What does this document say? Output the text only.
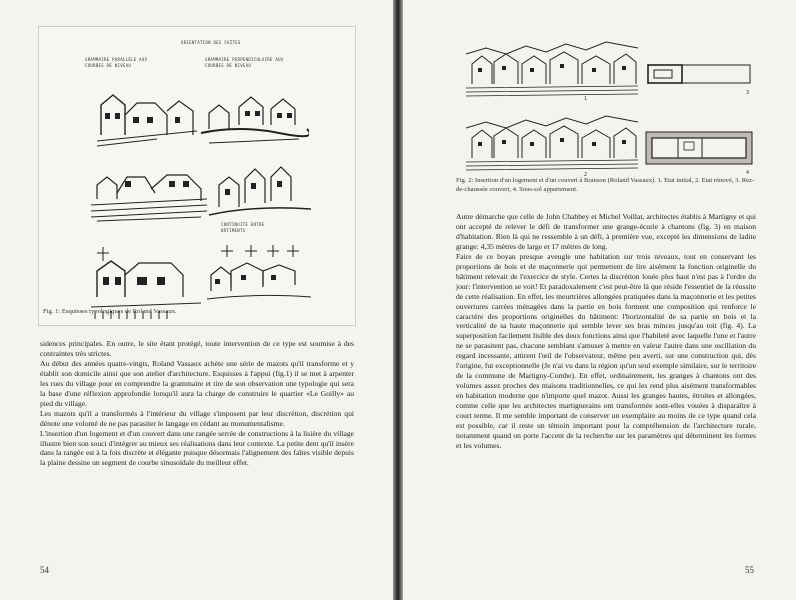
ORIENTATION DES FAÎTES
GRAMMAIRE PARALLÈLE AUX COURBES DE NIVEAU
GRAMMAIRE PERPENDICULAIRE AUX COURBES DE NIVEAU
CONTINUITÉ ENTRE BÂTIMENTS
Fig. 1: Esquisses typologiques de Roland Vassaux.

sidences principales. En outre, le site étant protégé, toute intervention de ce type est soumise à des contraintes très strictes.

Au début des années quatre-vingts, Roland Vassaux achète une série de mazots qu'il transforme et y établit son domicile ainsi que son atelier d'architecture. Esquisses à l'appui (fig.1) il se met à arpenter les rues du village pour en comprendre la grammaire et tire de son observation une typologie qui sera la base d'une réflexion approfondie lorsqu'il aura la charge de construire le quartier «Le Goilly» au pied du village.

Les mazots qu'il a transformés à l'intérieur du village s'imposent par leur discrétion, discrétion qui dénote une volonté de ne pas parasiter le langage en cédant au monumentalisme.

L'insertion d'un logement et d'un couvert dans une rangée serrée de constructions à la lisière du village illustre bien son souci d'intégrer au mieux ses réalisations dans leur contexte. La petite dent qu'il insère dans la rangée est à la fois discrète et élégante puisque désormais l'alignement des faîtes visible depuis la plaine dessine un segment de courbe sinusoïdale du meilleur effet.

54
1
2
3
4
Fig. 2: Insertion d'un logement et d'un couvert à Branson (Roland Vassaux). 1. Etat initial, 2. Etat rénové, 3. Rez-de-chaussée couvert, 4. Sous-sol appartement.

Autre démarche que celle de John Chabbey et Michel Voillat, architectes établis à Martigny et qui ont accepté de relever le défi de transformer une grange-écurie à chantons (fig. 3) en maison d'habitation. Rien là qui ne ressemble à un défi, à première vue, excepté les dimensions de ladite grange: 4,35 mètres de large et 17 mètres de long.

Faire de ce boyau presque aveugle une habitation sur trois niveaux, tout en conservant les proportions de bois et de maçonnerie qui permettent de lire aisément la fonction originelle du bâtiment relevait de l'exercice de style. Certes la discrétion louée plus haut n'est pas à l'ordre du jour: l'intervention se voit! Et paradoxalement c'est peut-être là que réside l'essentiel de la réussite de cette réalisation. En effet, les meurtrières allongées pratiquées dans la maçonnerie et les petites ouvertures carrées ménagées dans la partie en bois forment une composition qui renforce le caractère des proportions originelles du bâtiment: l'horizontalité de sa partie en bois et la verticalité de sa haute maçonnerie qui semble lever ses bras minces jusqu'au toit (fig. 4). La superposition facilement lisible des deux fonctions ainsi que l'habileté avec laquelle l'une et l'autre ne se parasitent pas, chacune semblant s'amuser à mettre en valeur l'autre dans une oscillation du regard incessante, attirent l'œil de l'observateur, même peu averti, sur une construction qui, dès l'origine, fut exceptionnelle (Je n'ai vu dans la région qu'un seul exemple similaire, sur le territoire de la commune de Martigny-Combe). En effet, ordinairement, les granges à chantons ont des volumes assez proches des maisons traditionnelles, ce qui les rend plus aisément transformables en habitation moderne que n'importe quel mazot. Aussi les granges hautes, étroites et allongées, comme celle que les architectes martignerains ont transformée sont-elles vouées à disparaître à court terme. Il me semble important de conserver un exemplaire au moins de ce type quand cela est possible, car il reste un témoin important pour la compréhension de l'architecture rurale, notamment quand on porte l'accent de la recherche sur les paramètres qui déterminent les formes et les volumes.

55
